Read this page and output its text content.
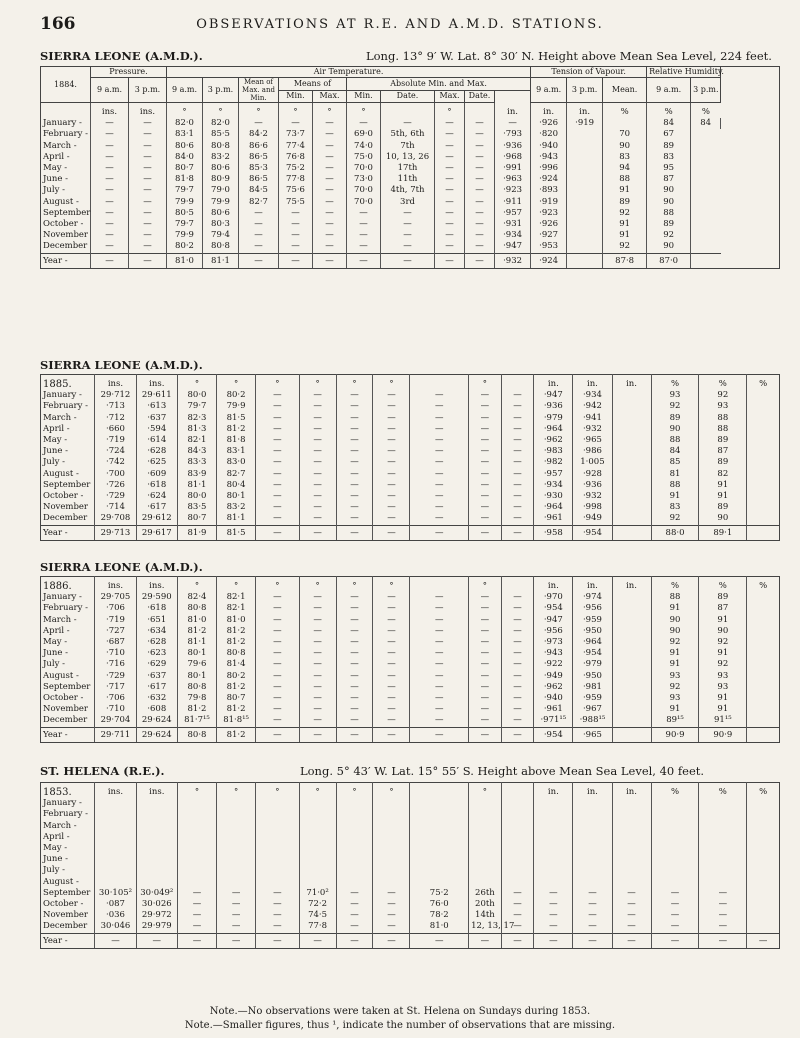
166	OBSERVATIONS AT R.E. AND A.M.D. STATIONS.
SIERRA LEONE (A.M.D.).	Long. 13° 9′ W. Lat. 8° 30′ N. Height above Mean Sea Level, 224 feet.
1884.	Pressure.		Air Temperature.										Tension of Vapour.			Relative Humidity.		
	9 a.m.	3 p.m.	9 a.m.	3 p.m.	Mean of Max. and Min.	Means of		Absolute Min. and Max.					9 a.m.	3 p.m.	Mean.	9 a.m.	3 p.m.	
						Min.	Max.	Min.	Date.	Max.	Date.							
	ins.	ins.	°	°	°	°	°	°		°		in.	in.	in.	%	%	%	
January -	—	—	82·0	82·0	—	—	—	—	—	—	—	—	·926	·919		84	84	
February -	—	—	83·1	85·5	84·2	73·7	—	69·0	5th, 6th	—	—	·793	·820		70	67		
March -	—	—	80·6	80·8	86·6	77·4	—	74·0	7th	—	—	·936	·940		90	89		
April -	—	—	84·0	83·2	86·5	76·8	—	75·0	10, 13, 26	—	—	·968	·943		83	83		
May -	—	—	80·7	80·6	85·3	75·2	—	70·0	17th	—	—	·991	·996		94	95		
June -	—	—	81·8	80·9	86·5	77·8	—	73·0	11th	—	—	·963	·924		88	87		
July -	—	—	79·7	79·0	84·5	75·6	—	70·0	4th, 7th	—	—	·923	·893		91	90		
August -	—	—	79·9	79·9	82·7	75·5	—	70·0	3rd	—	—	·911	·919		89	90		
September	—	—	80·5	80·6	—	—	—	—	—	—	—	·957	·923		92	88		
October -	—	—	79·7	80·3	—	—	—	—	—	—	—	·931	·926		91	89		
November	—	—	79·9	79·4	—	—	—	—	—	—	—	·934	·927		91	92		
December	—	—	80·2	80·8	—	—	—	—	—	—	—	·947	·953		92	90		
Year -	—	—	81·0	81·1	—	—	—	—	—	—	—	·932	·924		87·8	87·0		
SIERRA LEONE (A.M.D.).
1885.	ins.	ins.	°	°	°	°	°	°		°		in.	in.	in.	%	%	%
January -	29·712	29·611	80·0	80·2	—	—	—	—	—	—	—	·947	·934		93	92	
February -	·713	·613	79·7	79·9	—	—	—	—	—	—	—	·936	·942		92	93	
March -	·712	·637	82·3	81·5	—	—	—	—	—	—	—	·979	·941		89	88	
April -	·660	·594	81·3	81·2	—	—	—	—	—	—	—	·964	·932		90	88	
May -	·719	·614	82·1	81·8	—	—	—	—	—	—	—	·962	·965		88	89	
June -	·724	·628	84·3	83·1	—	—	—	—	—	—	—	·983	·986		84	87	
July -	·742	·625	83·3	83·0	—	—	—	—	—	—	—	·982	1·005		85	89	
August -	·700	·609	83·9	82·7	—	—	—	—	—	—	—	·957	·928		81	82	
September	·726	·618	81·1	80·4	—	—	—	—	—	—	—	·934	·936		88	91	
October -	·729	·624	80·0	80·1	—	—	—	—	—	—	—	·930	·932		91	91	
November	·714	·617	83·5	83·2	—	—	—	—	—	—	—	·964	·998		83	89	
December	29·708	29·612	80·7	81·1	—	—	—	—	—	—	—	·961	·949		92	90	
Year -	29·713	29·617	81·9	81·5	—	—	—	—	—	—	—	·958	·954		88·0	89·1	
SIERRA LEONE (A.M.D.).
1886.	ins.	ins.	°	°	°	°	°	°		°		in.	in.	in.	%	%	%
January -	29·705	29·590	82·4	82·1	—	—	—	—	—	—	—	·970	·974		88	89	
February -	·706	·618	80·8	82·1	—	—	—	—	—	—	—	·954	·956		91	87	
March -	·719	·651	81·0	81·0	—	—	—	—	—	—	—	·947	·959		90	91	
April -	·727	·634	81·2	81·2	—	—	—	—	—	—	—	·956	·950		90	90	
May -	·687	·628	81·1	81·2	—	—	—	—	—	—	—	·973	·964		92	92	
June -	·710	·623	80·1	80·8	—	—	—	—	—	—	—	·943	·954		91	91	
July -	·716	·629	79·6	81·4	—	—	—	—	—	—	—	·922	·979		91	92	
August -	·729	·637	80·1	80·2	—	—	—	—	—	—	—	·949	·950		93	93	
September	·717	·617	80·8	81·2	—	—	—	—	—	—	—	·962	·981		92	93	
October -	·706	·632	79·8	80·7	—	—	—	—	—	—	—	·940	·959		93	91	
November	·710	·608	81·2	81·2	—	—	—	—	—	—	—	·961	·967		91	91	
December	29·704	29·624	81·7¹⁵	81·8¹⁵	—	—	—	—	—	—	—	·971¹⁵	·988¹⁵		89¹⁵	91¹⁵	
Year -	29·711	29·624	80·8	81·2	—	—	—	—	—	—	—	·954	·965		90·9	90·9	
ST. HELENA (R.E.).	Long. 5° 43′ W. Lat. 15° 55′ S. Height above Mean Sea Level, 40 feet.
1853.	ins.	ins.	°	°	°	°	°	°		°		in.	in.	in.	%	%	%
January -																	
February -																	
March -																	
April -																	
May -																	
June -																	
July -																	
August -																	
September	30·105²	30·049²	—	—	—	71·0²	—	—	75·2	26th	—	—	—	—	—	—	
October -	·087	30·026	—	—	—	72·2	—	—	76·0	20th	—	—	—	—	—	—	
November	·036	29·972	—	—	—	74·5	—	—	78·2	14th	—	—	—	—	—	—	
December	30·046	29·979	—	—	—	77·8	—	—	81·0	12, 13, 17	—	—	—	—	—	—	
Year -	—	—	—	—	—	—	—	—	—	—	—	—	—	—	—	—	—
Note.—No observations were taken at St. Helena on Sundays during 1853.
Note.—Smaller figures, thus ¹, indicate the number of observations that are missing.
